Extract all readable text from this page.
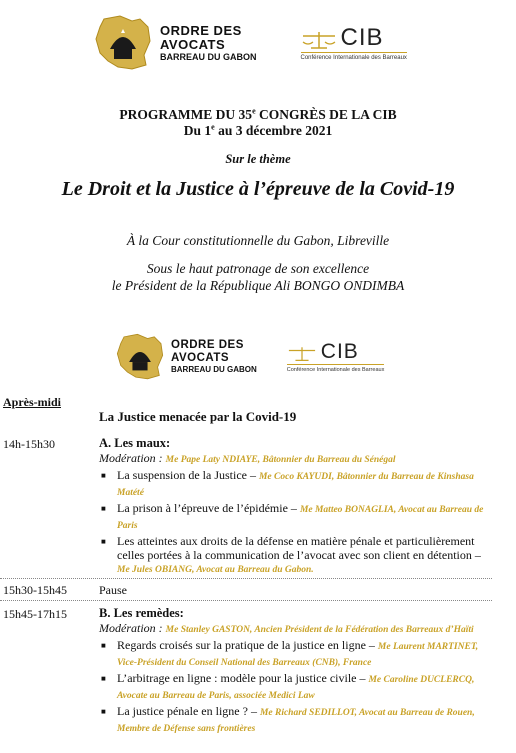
ORDRE DES
AVOCATS
BARREAU DU GABON
CIB
Conférence Internationale des Barreaux
PROGRAMME DU 35e CONGRÈS DE LA CIB
Du 1e au 3 décembre 2021
Sur le thème
Le Droit et la Justice à l’épreuve de la Covid-19
À la Cour constitutionnelle du Gabon, Libreville
Sous le haut patronage de son excellence
le Président de la République Ali BONGO ONDIMBA
ORDRE DES
AVOCATS
BARREAU DU GABON
CIB
Conférence Internationale des Barreaux
Après-midi
La Justice menacée par la Covid-19
14h-15h30	A. Les maux:
Modération : Me Pape Laty NDIAYE, Bâtonnier du Barreau du Sénégal
■ La suspension de la Justice – Me Coco KAYUDI, Bâtonnier du Barreau de Kinshasa Matété
■ La prison à l’épreuve de l’épidémie – Me Matteo BONAGLIA, Avocat au Barreau de Paris
■ Les atteintes aux droits de la défense en matière pénale et particulièrement celles portées à la communication de l’avocat avec son client en détention – Me Jules OBIANG, Avocat au Barreau du Gabon.
15h30-15h45	Pause
15h45-17h15	B. Les remèdes:
Modération : Me Stanley GASTON, Ancien Président de la Fédération des Barreaux d’Haïti
■ Regards croisés sur la pratique de la justice en ligne – Me Laurent MARTINET, Vice-Président du Conseil National des Barreaux (CNB), France
■ L’arbitrage en ligne : modèle pour la justice civile – Me Caroline DUCLERCQ, Avocate au Barreau de Paris, associée Medici Law
■ La justice pénale en ligne ? – Me Richard SEDILLOT, Avocat au Barreau de Rouen, Membre de Défense sans frontières
